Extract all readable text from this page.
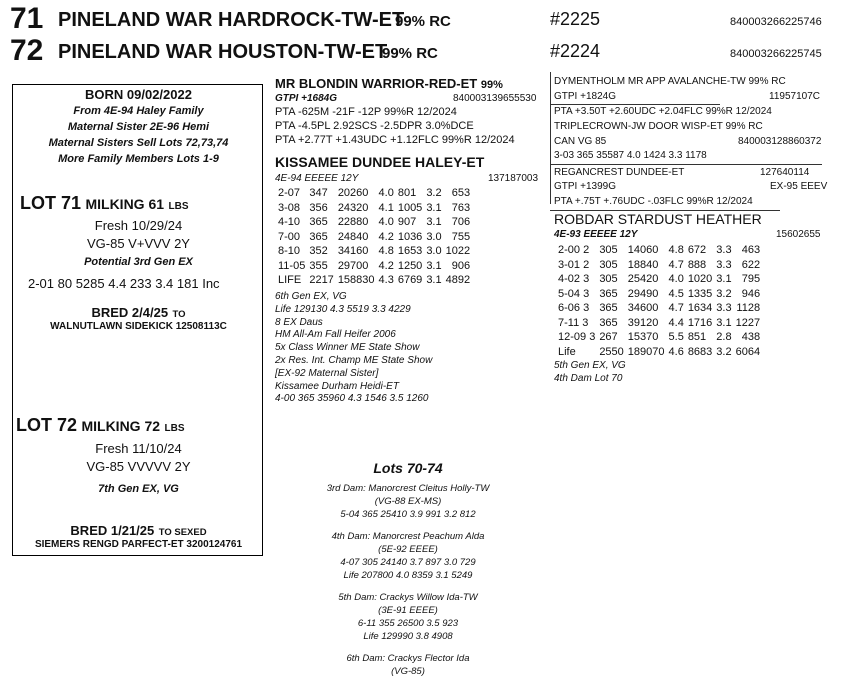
71 PINELAND WAR HARDROCK-TW-ET
99% RC	#2225	840003266225746
72 PINELAND WAR HOUSTON-TW-ET
99% RC	#2224	840003266225745
BORN 09/02/2022
From 4E-94 Haley Family
Maternal Sister 2E-96 Hemi
Maternal Sisters Sell Lots 72,73,74
More Family Members Lots 1-9
LOT 71 MILKING 61 LBS
Fresh 10/29/24
VG-85 V+VVV 2Y
Potential 3rd Gen EX
2-01 80 5285 4.4 233 3.4 181 Inc
BRED 2/4/25 TO
WALNUTLAWN SIDEKICK 12508113C
LOT 72 MILKING 72 LBS
Fresh 11/10/24
VG-85 VVVVV 2Y
7th Gen EX, VG
BRED 1/21/25 TO SEXED
SIEMERS RENGD PARFECT-ET 3200124761
MR BLONDIN WARRIOR-RED-ET 99%
GTPI +1684G	840003139655530
PTA -625M -21F -12P 99%R 12/2024
PTA -4.5PL 2.92SCS -2.5DPR 3.0%DCE
PTA +2.77T +1.43UDC +1.12FLC 99%R 12/2024
KISSAMEE DUNDEE HALEY-ET
4E-94 EEEEE 12Y	137187003
2-07	347	20260	4.0	801	3.2	653
3-08	356	24320	4.1	1005	3.1	763
4-10	365	22880	4.0	907	3.1	706
7-00	365	24840	4.2	1036	3.0	755
8-10	352	34160	4.8	1653	3.0	1022
11-05	355	29700	4.2	1250	3.1	906
LIFE	2217	158830	4.3	6769	3.1	4892
6th Gen EX, VG
Life 129130 4.3 5519 3.3 4229
8 EX Daus
HM All-Am Fall Heifer 2006
5x Class Winner ME State Show
2x Res. Int. Champ ME State Show
[EX-92 Maternal Sister]
Kissamee Durham Heidi-ET
4-00 365 35960 4.3 1546 3.5 1260
DYMENTHOLM MR APP AVALANCHE-TW 99% RC
GTPI +1824G	11957107C
PTA +3.50T +2.60UDC +2.04FLC 99%R 12/2024
TRIPLECROWN-JW DOOR WISP-ET 99% RC
CAN VG 85	840003128860372
3-03 365 35587 4.0 1424 3.3 1178
REGANCREST DUNDEE-ET	127640114
GTPI +1399G	EX-95 EEEV
PTA +.75T +.76UDC -.03FLC 99%R 12/2024
ROBDAR STARDUST HEATHER
4E-93 EEEEE 12Y	15602655
2-00 2	305	14060	4.8	672	3.3	463
3-01 2	305	18840	4.7	888	3.3	622
4-02 3	305	25420	4.0	1020	3.1	795
5-04 3	365	29490	4.5	1335	3.2	946
6-06 3	365	34600	4.7	1634	3.3	1128
7-11 3	365	39120	4.4	1716	3.1	1227
12-09 3	267	15370	5.5	851	2.8	438
Life	2550	189070	4.6	8683	3.2	6064
5th Gen EX, VG
4th Dam Lot 70
Lots 70-74
3rd Dam: Manorcrest Cleitus Holly-TW
(VG-88 EX-MS)
5-04 365 25410 3.9 991 3.2 812
4th Dam: Manorcrest Peachum Alda
(5E-92 EEEE)
4-07 305 24140 3.7 897 3.0 729
Life 207800 4.0 8359 3.1 5249
5th Dam: Crackys Willow Ida-TW
(3E-91 EEEE)
6-11 355 26500 3.5 923
Life 129990 3.8 4908
6th Dam: Crackys Flector Ida
(VG-85)
